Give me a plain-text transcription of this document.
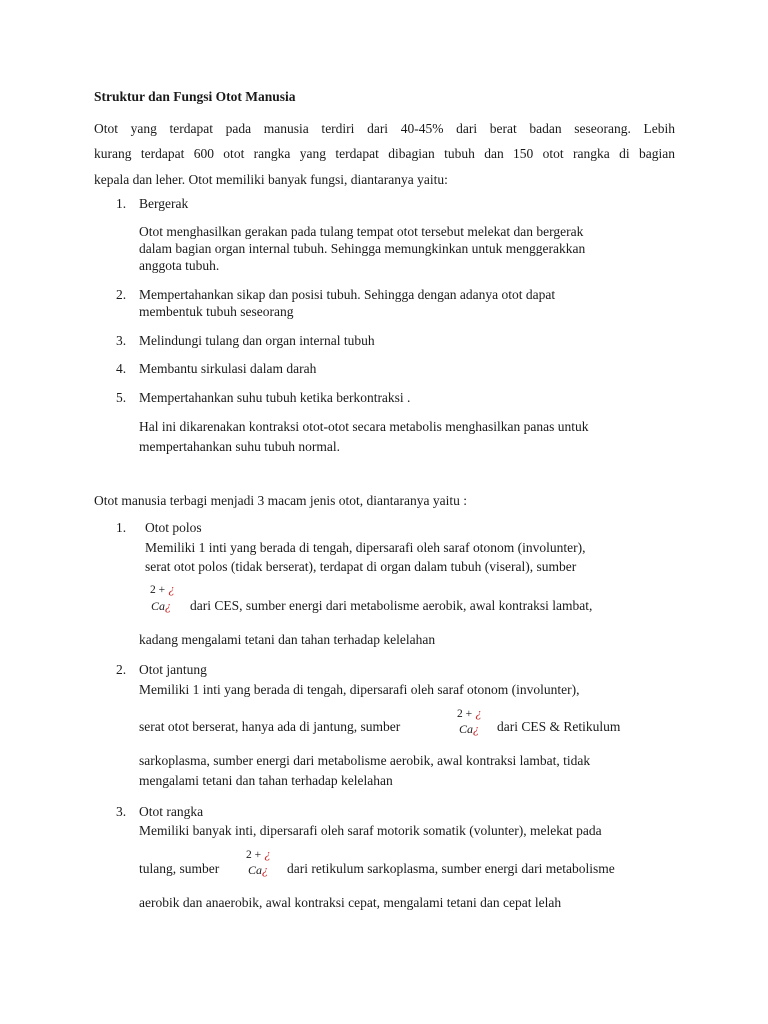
Struktur dan Fungsi Otot Manusia
Otot yang terdapat pada manusia terdiri dari 40-45% dari berat badan seseorang. Lebih
kurang terdapat 600 otot rangka yang terdapat dibagian tubuh dan 150 otot rangka di bagian
kepala dan leher. Otot memiliki banyak fungsi, diantaranya yaitu:
1. Bergerak
Otot menghasilkan gerakan pada tulang tempat otot tersebut melekat dan bergerak
dalam bagian organ internal tubuh. Sehingga memungkinkan untuk menggerakkan
anggota tubuh.
2. Mempertahankan sikap dan posisi tubuh. Sehingga dengan adanya otot dapat
membentuk tubuh seseorang
3. Melindungi tulang dan organ internal tubuh
4. Membantu sirkulasi dalam darah
5. Mempertahankan suhu tubuh ketika berkontraksi .
Hal ini dikarenakan kontraksi otot-otot secara metabolis menghasilkan panas untuk
mempertahankan suhu tubuh normal.
Otot manusia terbagi menjadi 3 macam jenis otot, diantaranya yaitu :
1. Otot polos
Memiliki 1 inti yang berada di tengah, dipersarafi oleh saraf otonom (involunter),
serat otot polos (tidak berserat), terdapat di organ dalam tubuh (viseral), sumber
2 + ¿
Ca¿ dari CES, sumber energi dari metabolisme aerobik, awal kontraksi lambat,
kadang mengalami tetani dan tahan terhadap kelelahan
2. Otot jantung
Memiliki 1 inti yang berada di tengah, dipersarafi oleh saraf otonom (involunter),
2 + ¿
serat otot berserat, hanya ada di jantung, sumber	Ca¿ dari CES & Retikulum
sarkoplasma, sumber energi dari metabolisme aerobik, awal kontraksi lambat, tidak
mengalami tetani dan tahan terhadap kelelahan
3. Otot rangka
Memiliki banyak inti, dipersarafi oleh saraf motorik somatik (volunter), melekat pada
2 + ¿
tulang, sumber Ca¿ dari retikulum sarkoplasma, sumber energi dari metabolisme
aerobik dan anaerobik, awal kontraksi cepat, mengalami tetani dan cepat lelah
